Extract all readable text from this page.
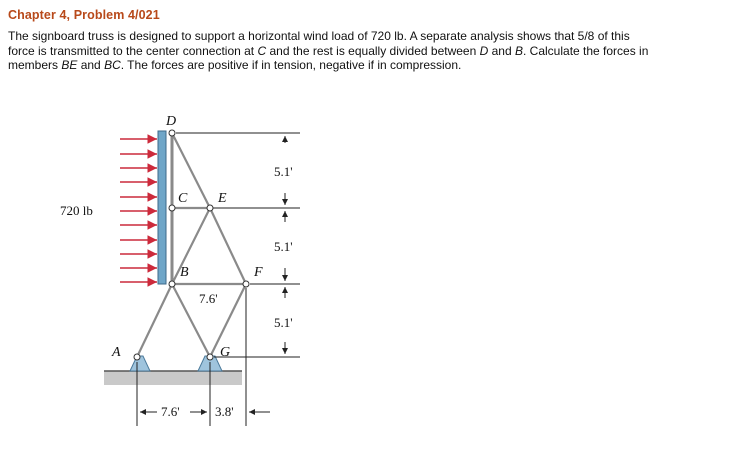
Chapter 4, Problem 4/021
The signboard truss is designed to support a horizontal wind load of 720 lb. A separate analysis shows that 5/8 of this
force is transmitted to the center connection at C and the rest is equally divided between D and B. Calculate the forces in
members BE and BC. The forces are positive if in tension, negative if in compression.
720 lb
D
C E
B	F
A	G
5.1'
5.1'
5.1'
7.6'
7.6'	3.8'
